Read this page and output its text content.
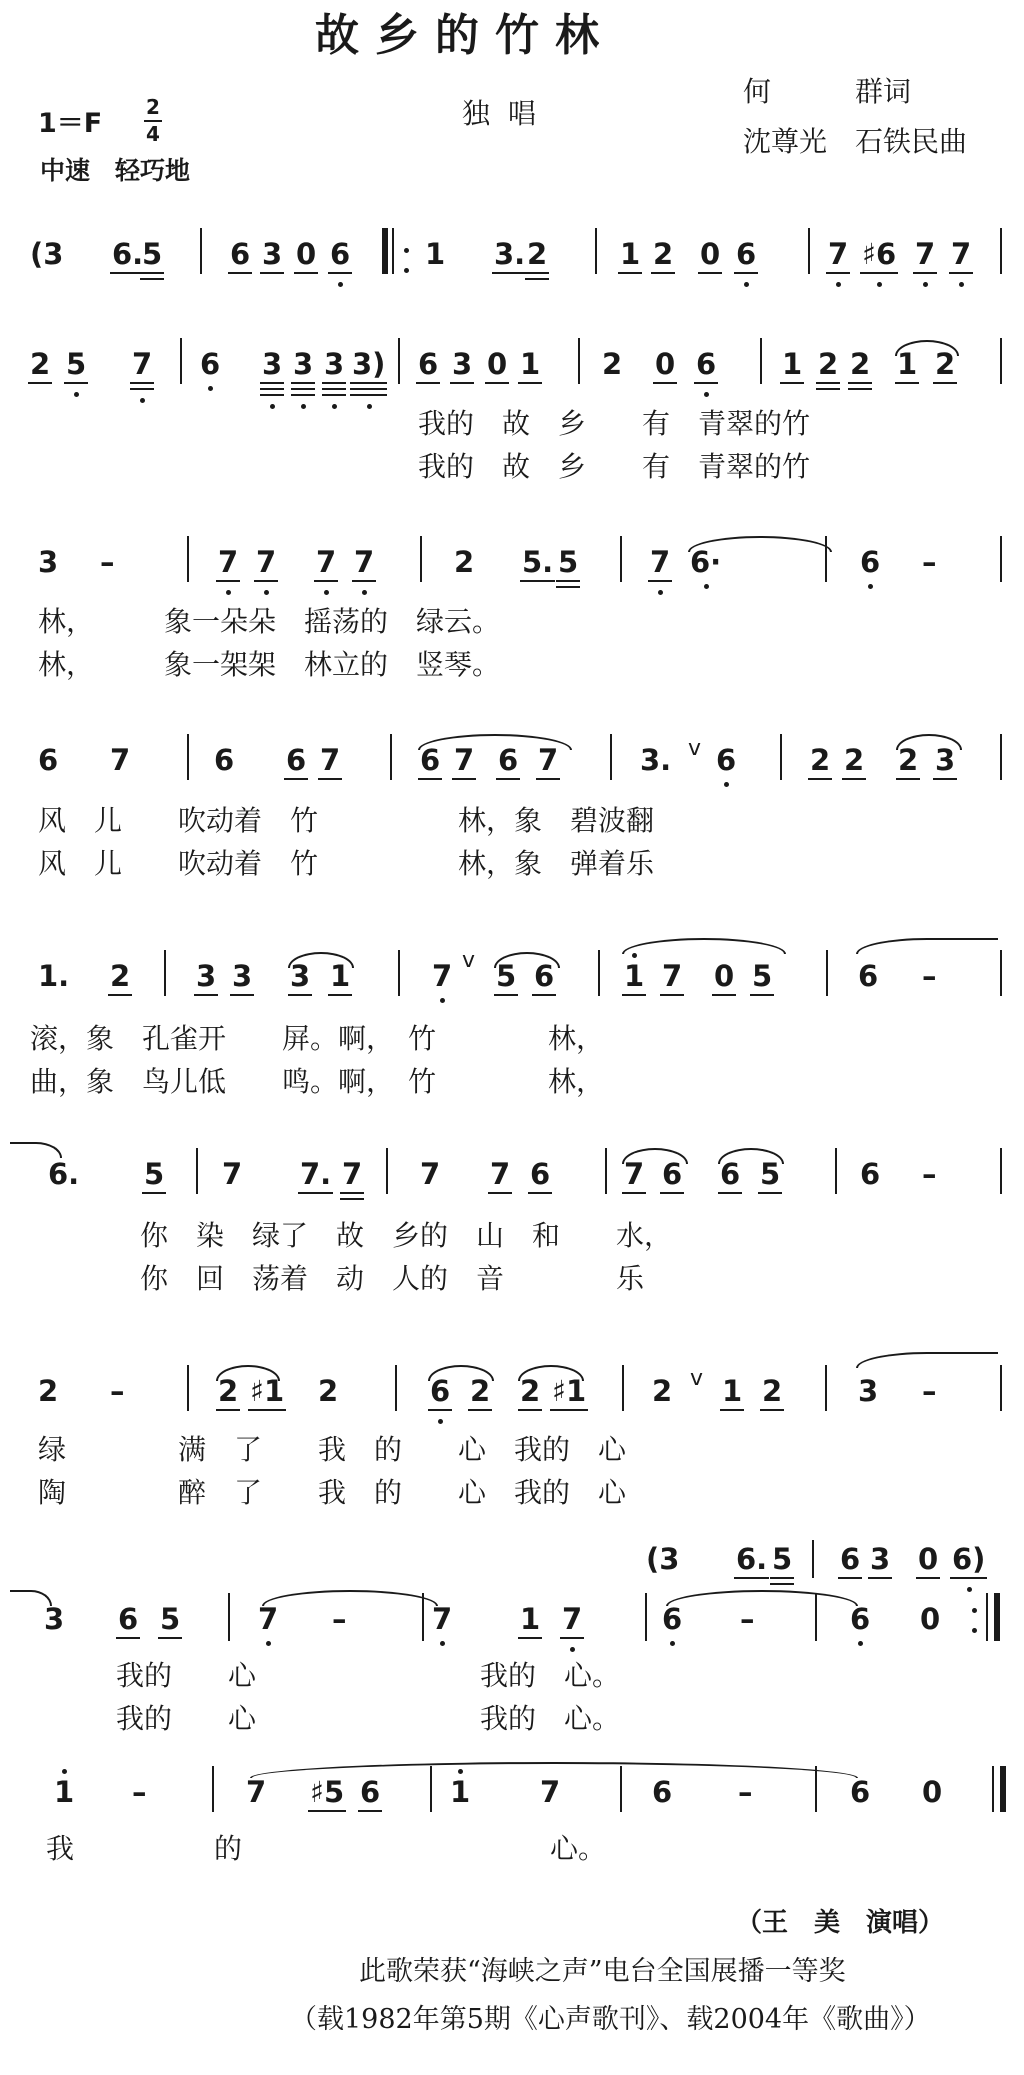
故乡的竹林
1＝F
2
4
独唱
中速　轻巧地
何　　　群词
沈尊光　石铁民曲
(3 6.
5 6 3 0 6	1 3. 2	1 2 0 6 7 ♯6 7 7
2 5 7 6 3 3 3 3) 6 3 0 1 2 0 6 1 2 2 1 2
3 –	7 7 7 7	2 5. 5 7 6·	6 –
6 7	6 6 7	6 7 6 7	3. 6	2 2 2 3
v
1. 2 3 3 3 1	7 5 6 1 7 0 5	6 –
v
6. 5 7 7. 7 7 7 6	7 6 6 5	6 –
2 –	2 ♯1 2	6 2 2 ♯1 2 1 2	3 –
v
(3 6. 5 6 3 0 6)
3 6 5	7 –	7 1 7	6 –	6 0
1 –	7 ♯5 6 1 7	6 –	6 0
我的　故　乡　　有　青翠的竹
我的　故　乡　　有　青翠的竹
林，　　　象一朵朵　摇荡的　绿云。
林，　　　象一架架　林立的　竖琴。
风　儿　　吹动着　竹　　　　　林，象　碧波翻
风　儿　　吹动着　竹　　　　　林，象　弹着乐
滚，象　孔雀开　　屏。啊，　竹　　　　林，
曲，象　鸟儿低　　鸣。啊，　竹　　　　林，
你　染　绿了　故　乡的　山　和　　水，
你　回　荡着　动　人的　音　　　　乐
绿　　　　满　了　　我　的　　心　我的　心
陶　　　　醉　了　　我　的　　心　我的　心
我的　　心　　　　　　　　我的　心。
我的　　心　　　　　　　　我的　心。
我　　　　　的　　　　　　　　　　　心。
（王　美　演唱）
此歌荣获“海峡之声”电台全国展播一等奖
（载1982年第5期《心声歌刊》、载2004年《歌曲》）
